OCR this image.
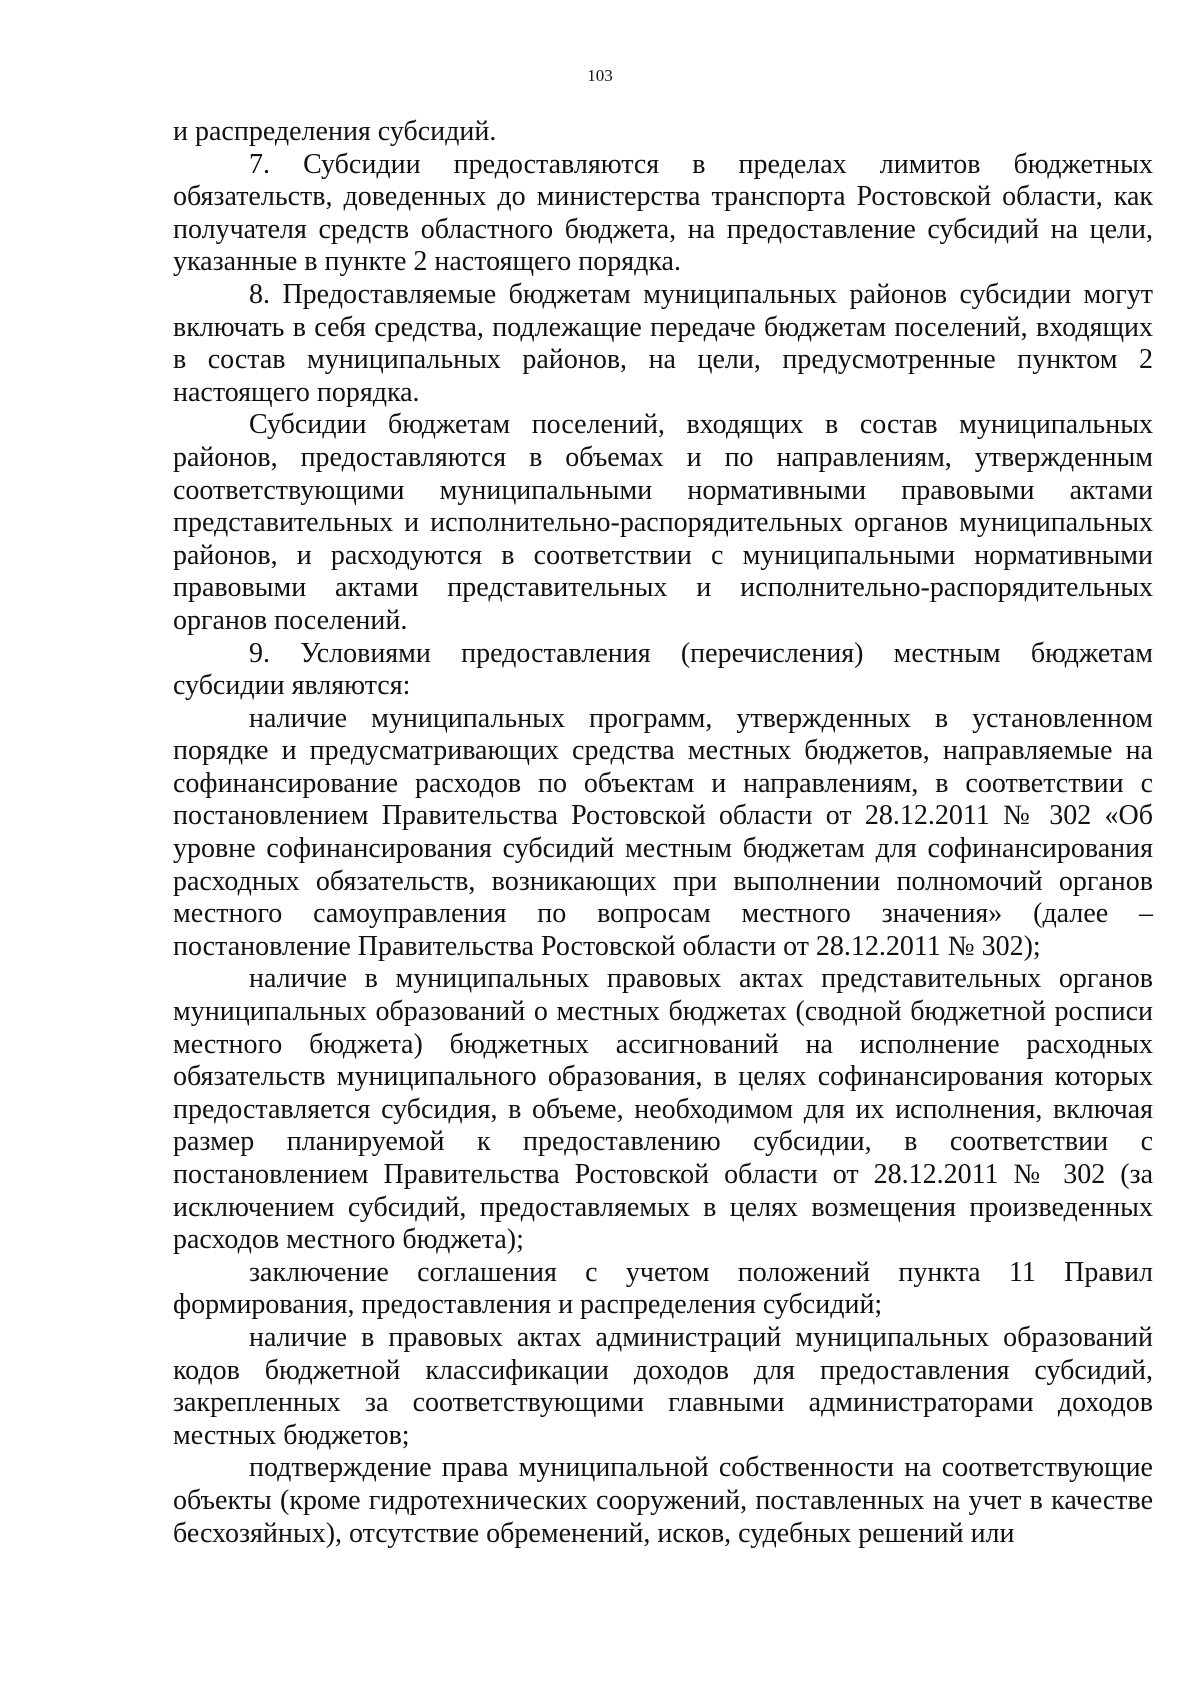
103

и распределения субсидий.

7. Субсидии предоставляются в пределах лимитов бюджетных обязательств, доведенных до министерства транспорта Ростовской области, как получателя средств областного бюджета, на предоставление субсидий на цели, указанные в пункте 2 настоящего порядка.

8. Предоставляемые бюджетам муниципальных районов субсидии могут включать в себя средства, подлежащие передаче бюджетам поселений, входящих в состав муниципальных районов, на цели, предусмотренные пунктом 2 настоящего порядка.

Субсидии бюджетам поселений, входящих в состав муниципальных районов, предоставляются в объемах и по направлениям, утвержденным соответствующими муниципальными нормативными правовыми актами представительных и исполнительно-распорядительных органов муниципальных районов, и расходуются в соответствии с муниципальными нормативными правовыми актами представительных и исполнительно-распорядительных органов поселений.

9. Условиями предоставления (перечисления) местным бюджетам субсидии являются:

наличие муниципальных программ, утвержденных в установленном порядке и предусматривающих средства местных бюджетов, направляемые на софинансирование расходов по объектам и направлениям, в соответствии с постановлением Правительства Ростовской области от 28.12.2011 № 302 «Об уровне софинансирования субсидий местным бюджетам для софинансирования расходных обязательств, возникающих при выполнении полномочий органов местного самоуправления по вопросам местного значения» (далее – постановление Правительства Ростовской области от 28.12.2011 № 302);

наличие в муниципальных правовых актах представительных органов муниципальных образований о местных бюджетах (сводной бюджетной росписи местного бюджета) бюджетных ассигнований на исполнение расходных обязательств муниципального образования, в целях софинансирования которых предоставляется субсидия, в объеме, необходимом для их исполнения, включая размер планируемой к предоставлению субсидии, в соответствии с постановлением Правительства Ростовской области от 28.12.2011 № 302 (за исключением субсидий, предоставляемых в целях возмещения произведенных расходов местного бюджета);

заключение соглашения с учетом положений пункта 11 Правил формирования, предоставления и распределения субсидий;

наличие в правовых актах администраций муниципальных образований кодов бюджетной классификации доходов для предоставления субсидий, закрепленных за соответствующими главными администраторами доходов местных бюджетов;

подтверждение права муниципальной собственности на соответствующие объекты (кроме гидротехнических сооружений, поставленных на учет в качестве бесхозяйных), отсутствие обременений, исков, судебных решений или
